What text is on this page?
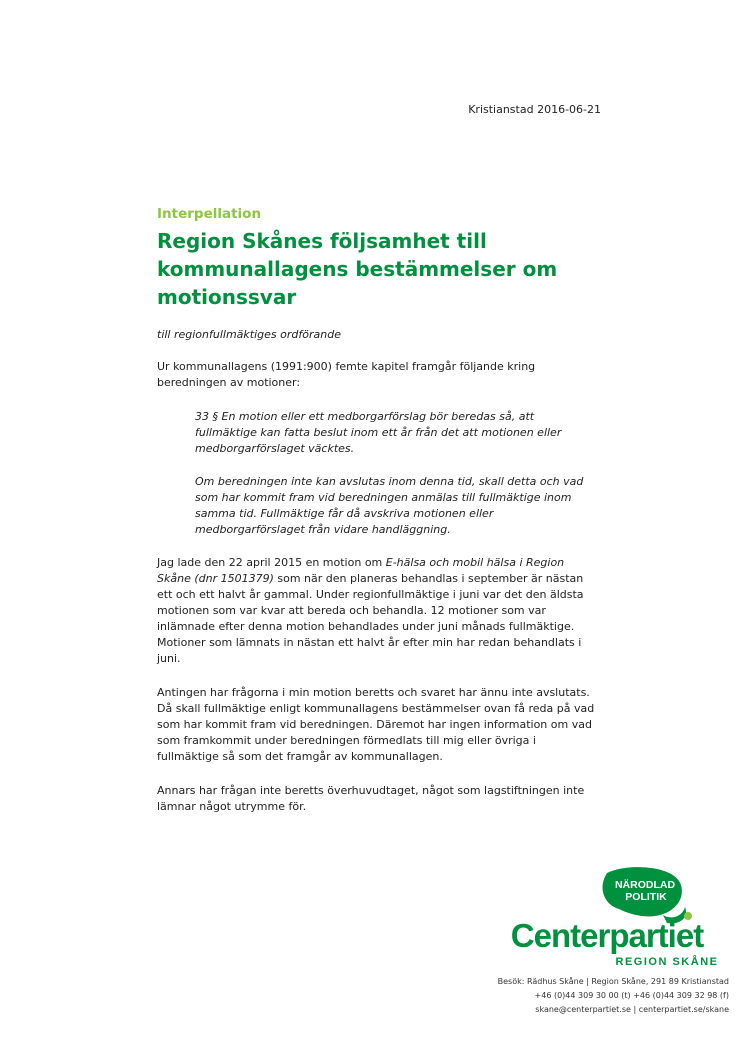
Kristianstad 2016-06-21
Interpellation
Region Skånes följsamhet till kommunallagens bestämmelser om motionssvar

till regionfullmäktiges ordförande

Ur kommunallagens (1991:900) femte kapitel framgår följande kring beredningen av motioner:

33 § En motion eller ett medborgarförslag bör beredas så, att fullmäktige kan fatta beslut inom ett år från det att motionen eller medborgarförslaget väcktes.

Om beredningen inte kan avslutas inom denna tid, skall detta och vad som har kommit fram vid beredningen anmälas till fullmäktige inom samma tid. Fullmäktige får då avskriva motionen eller medborgarförslaget från vidare handläggning.

Jag lade den 22 april 2015 en motion om E-hälsa och mobil hälsa i Region Skåne (dnr 1501379) som när den planeras behandlas i september är nästan ett och ett halvt år gammal. Under regionfullmäktige i juni var det den äldsta motionen som var kvar att bereda och behandla. 12 motioner som var inlämnade efter denna motion behandlades under juni månads fullmäktige. Motioner som lämnats in nästan ett halvt år efter min har redan behandlats i juni.

Antingen har frågorna i min motion beretts och svaret har ännu inte avslutats. Då skall fullmäktige enligt kommunallagens bestämmelser ovan få reda på vad som har kommit fram vid beredningen. Däremot har ingen information om vad som framkommit under beredningen förmedlats till mig eller övriga i fullmäktige så som det framgår av kommunallagen.

Annars har frågan inte beretts överhuvudtaget, något som lagstiftningen inte lämnar något utrymme för.

NÄRODLAD
POLITIK
Centerpartiet
REGION SKÅNE
Besök: Rädhus Skåne | Region Skåne, 291 89 Kristianstad
+46 (0)44 309 30 00 (t) +46 (0)44 309 32 98 (f)
skane@centerpartiet.se | centerpartiet.se/skane
